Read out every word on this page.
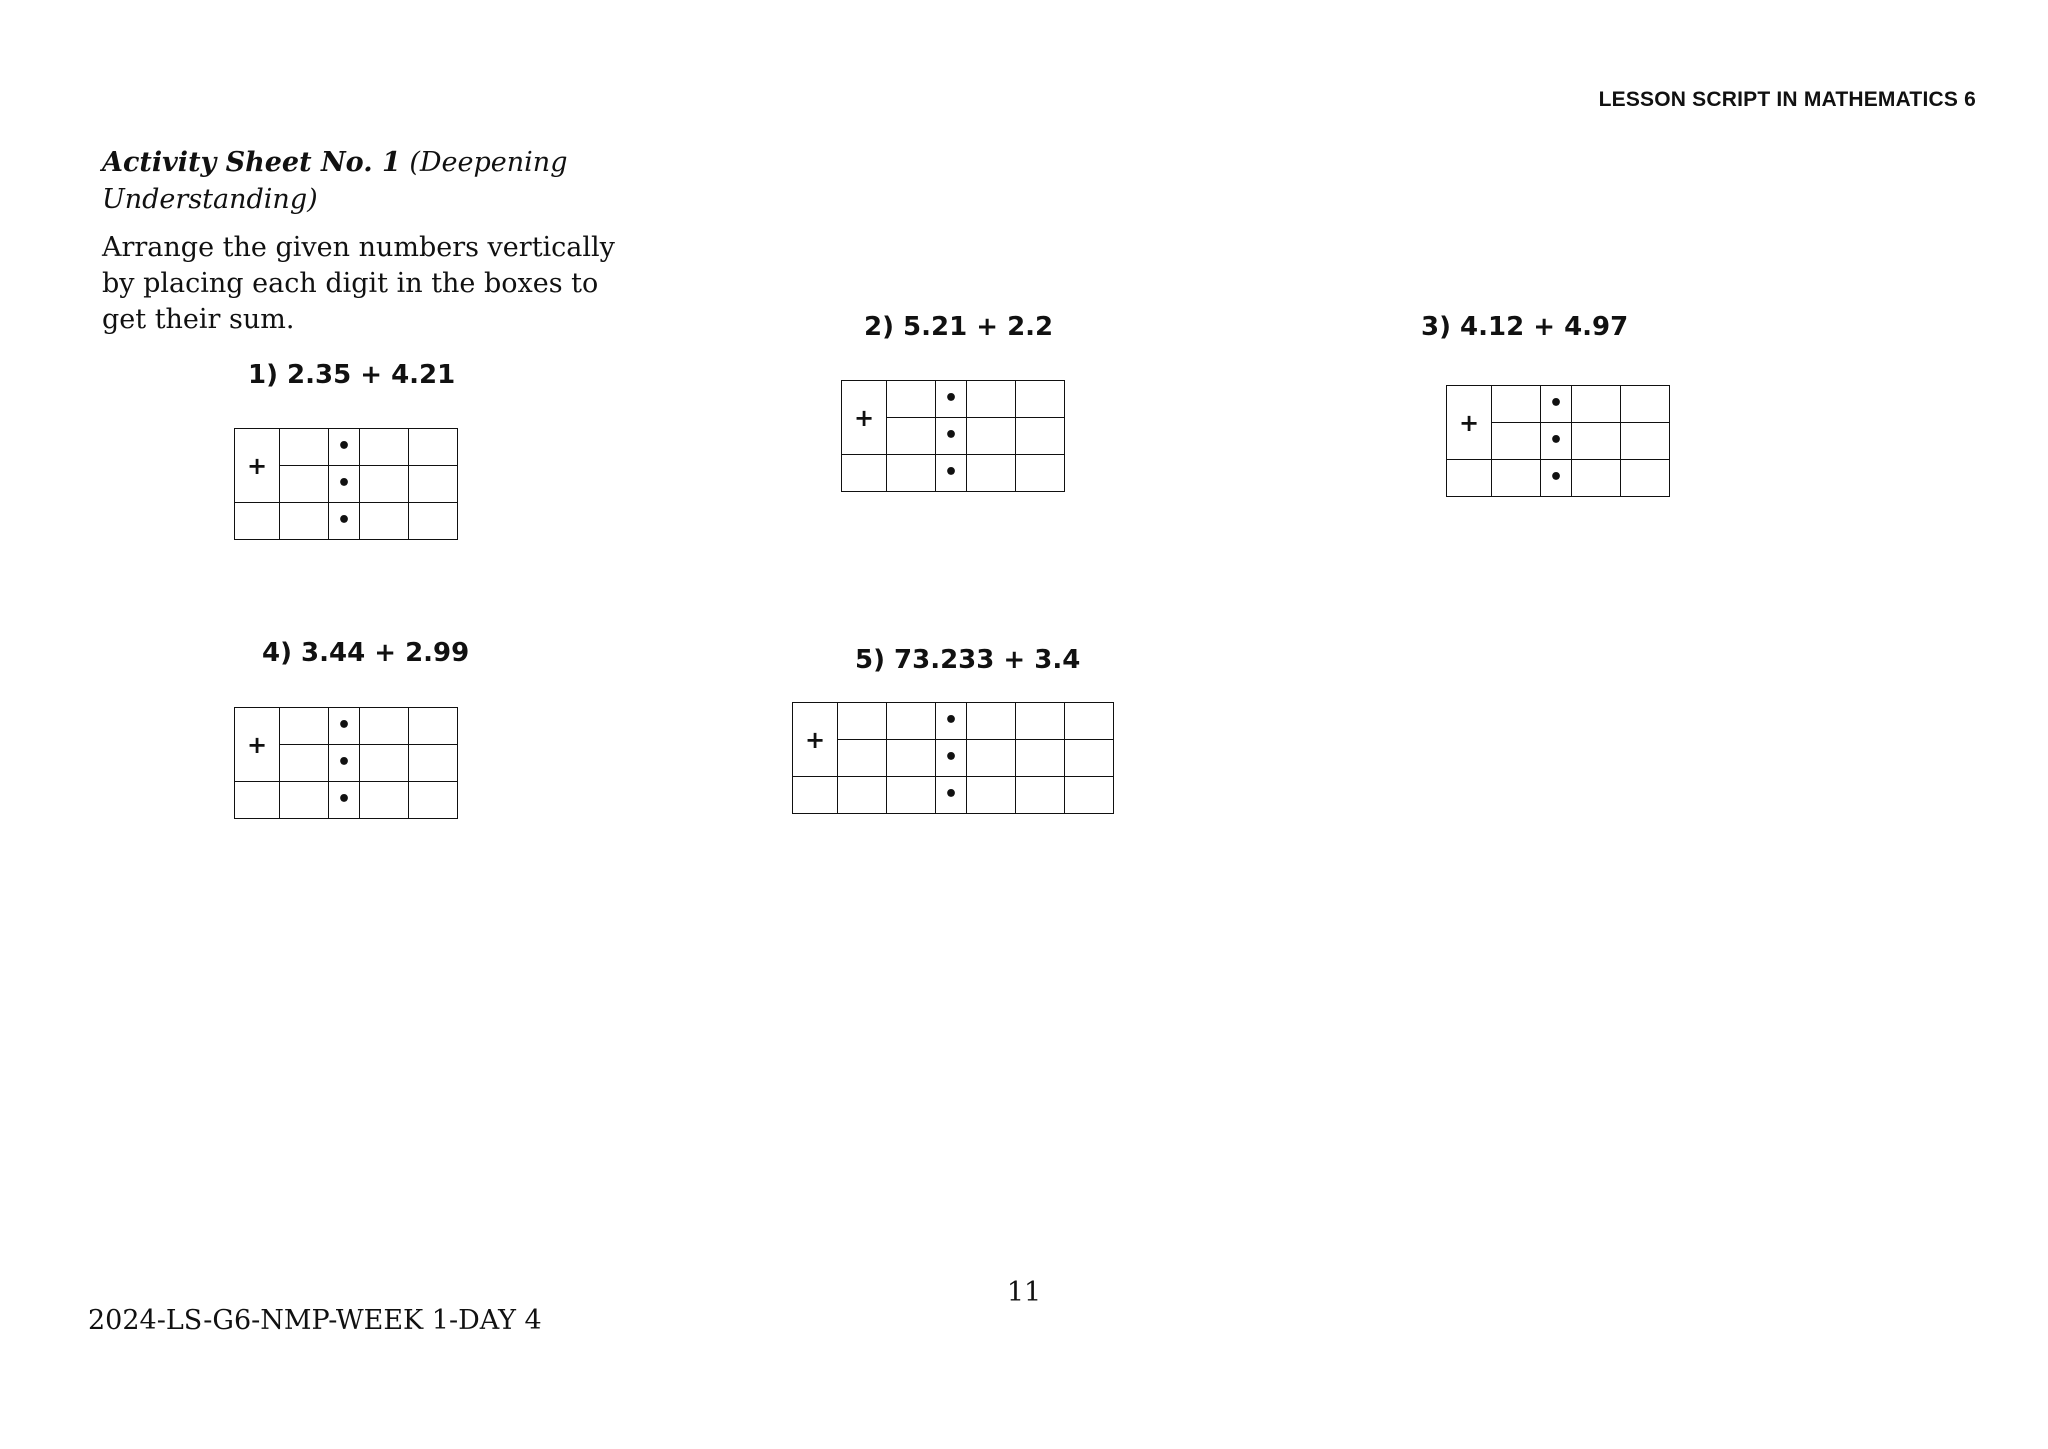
LESSON SCRIPT IN MATHEMATICS 6
Activity Sheet No. 1 (Deepening Understanding)
Arrange the given numbers vertically by placing each digit in the boxes to get their sum.
1) 2.35 + 4.21
+		•		
		•		
		•		
2) 5.21 + 2.2
+		•		
		•		
		•		
3) 4.12 + 4.97
+		•		
		•		
		•		
4) 3.44 + 2.99
+		•		
		•		
		•		
5) 73.233 + 3.4
+			•			
			•			
			•			
11
2024-LS-G6-NMP-WEEK 1-DAY 4
